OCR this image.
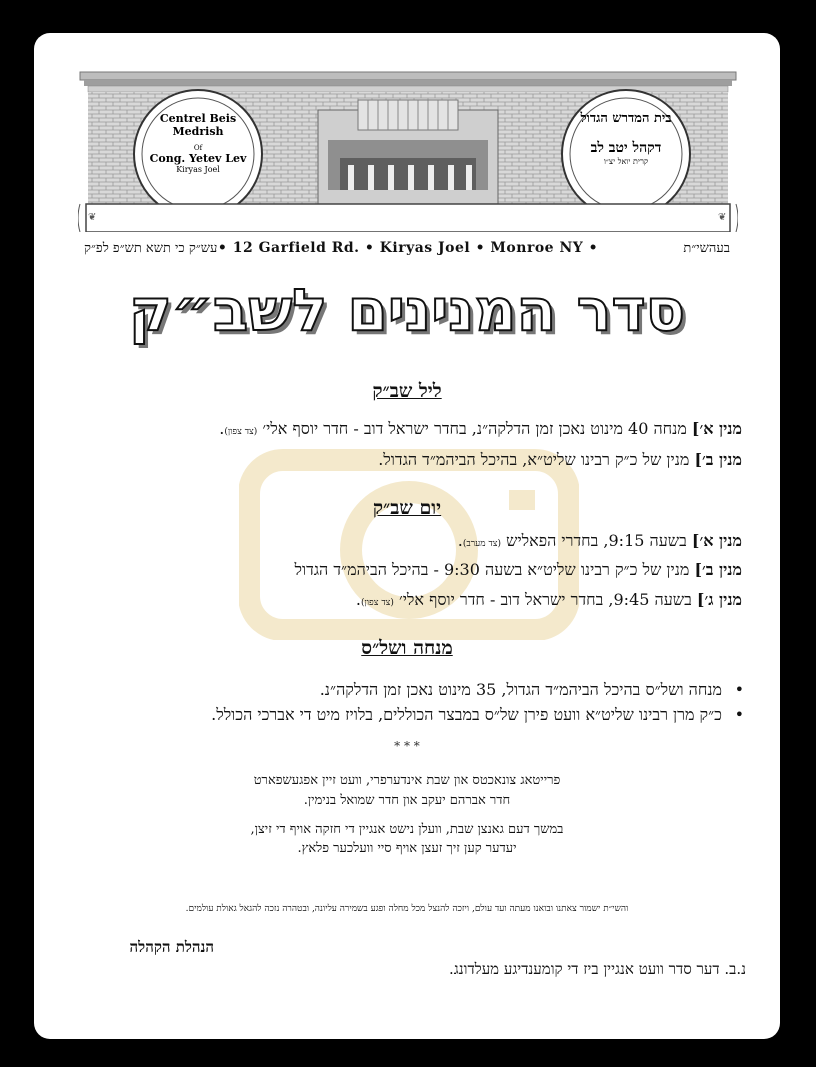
❦	❦
Centrel Beis Medrish
Of
Cong. Yetev Lev
Kiryas Joel
בית המדרש הגדול
דקהל יטב לב
קרית יואל יצ״ו
• 12 Garfield Rd. • Kiryas Joel • Monroe NY •
עש״ק כי תשא תש״פ לפ״ק	בעהשי״ת
סדר המנינים לשב״ק
ליל שב״ק
מנין א׳] מנחה 40 מינוט נאכן זמן הדלקה״נ, בחדר ישראל דוב - חדר יוסף אלי׳ (צד צפון).
מנין ב׳] מנין של כ״ק רבינו שליט״א, בהיכל הביהמ״ד הגדול.
יום שב״ק
מנין א׳] בשעה 9:15, בחדרי הפאליש (צד מערב).
מנין ב׳] מנין של כ״ק רבינו שליט״א בשעה 9:30 - בהיכל הביהמ״ד הגדול
מנין ג׳] בשעה 9:45, בחדר ישראל דוב - חדר יוסף אלי׳ (צד צפון).
מנחה ושל״ס
• מנחה ושל״ס בהיכל הביהמ״ד הגדול, 35 מינוט נאכן זמן הדלקה״נ.
• כ״ק מרן רבינו שליט״א וועט פירן של״ס במבצר הכוללים, בלויז מיט די אברכי הכולל.
* * *
פרייטאג צונאכטס און שבת אינדערפרי, וועט זיין אפגעשפארט
חדר אברהם יעקב און חדר שמואל בנימין.
במשך דעם גאנצן שבת, וועלן נישט אנגיין די חזקה אויף די זיצן,
יעדער קען זיך זעצן אויף סיי וועלכער פלאץ.
והשי״ת ישמור צאתנו ובואנו מעתה ועד עולם, ויזכה להנצל מכל מחלה ופגע בשמירה עליונה, ובטהרה נזכה להגאל גאולת עולמים.
הנהלת הקהלה
נ.ב. דער סדר וועט אנגיין ביז די קומענדיגע מעלדונג.
